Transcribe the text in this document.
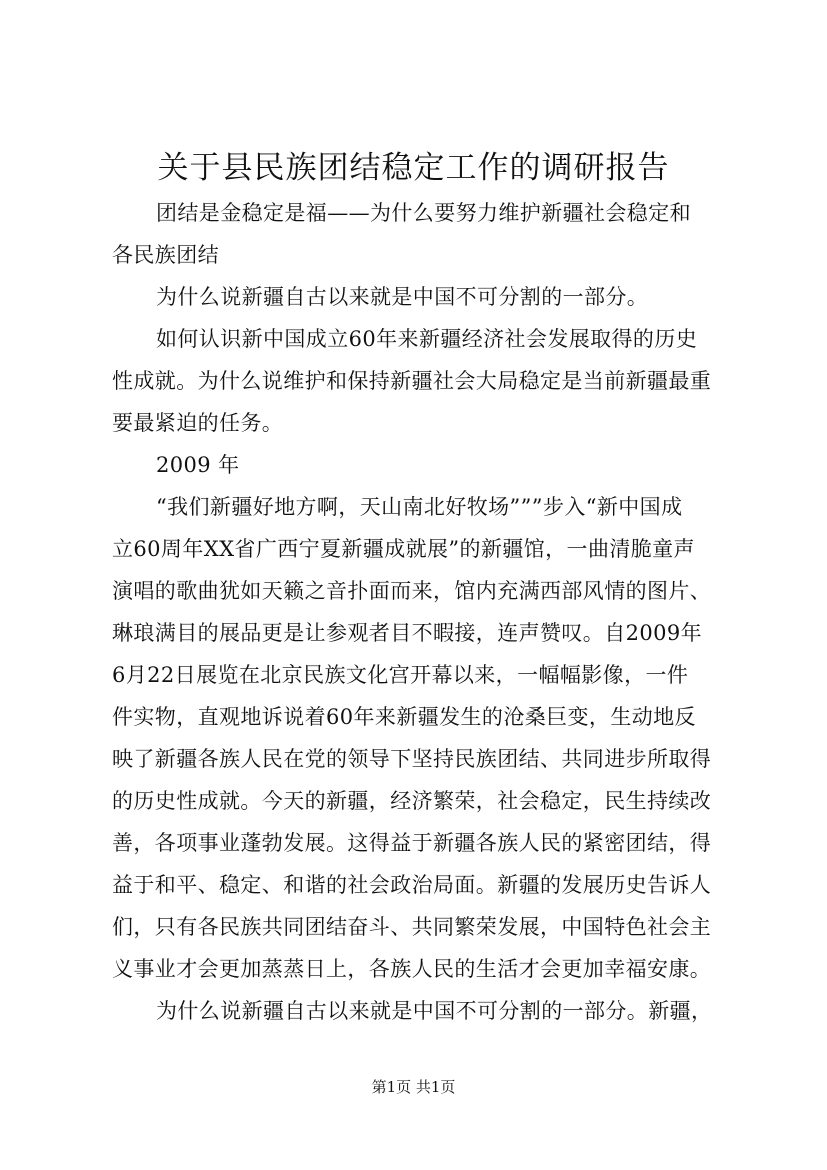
关于县民族团结稳定工作的调研报告
团结是金稳定是福——为什么要努力维护新疆社会稳定和
各民族团结
为什么说新疆自古以来就是中国不可分割的一部分。
如何认识新中国成立60年来新疆经济社会发展取得的历史
性成就。为什么说维护和保持新疆社会大局稳定是当前新疆最重
要最紧迫的任务。
2009 年
“我们新疆好地方啊，天山南北好牧场”””步入“新中国成
立60周年XX省广西宁夏新疆成就展”的新疆馆，一曲清脆童声
演唱的歌曲犹如天籁之音扑面而来，馆内充满西部风情的图片、
琳琅满目的展品更是让参观者目不暇接，连声赞叹。自2009年
6月22日展览在北京民族文化宫开幕以来，一幅幅影像，一件
件实物，直观地诉说着60年来新疆发生的沧桑巨变，生动地反
映了新疆各族人民在党的领导下坚持民族团结、共同进步所取得
的历史性成就。今天的新疆，经济繁荣，社会稳定，民生持续改
善，各项事业蓬勃发展。这得益于新疆各族人民的紧密团结，得
益于和平、稳定、和谐的社会政治局面。新疆的发展历史告诉人
们，只有各民族共同团结奋斗、共同繁荣发展，中国特色社会主
义事业才会更加蒸蒸日上，各族人民的生活才会更加幸福安康。
为什么说新疆自古以来就是中国不可分割的一部分。新疆，
第1页 共1页
